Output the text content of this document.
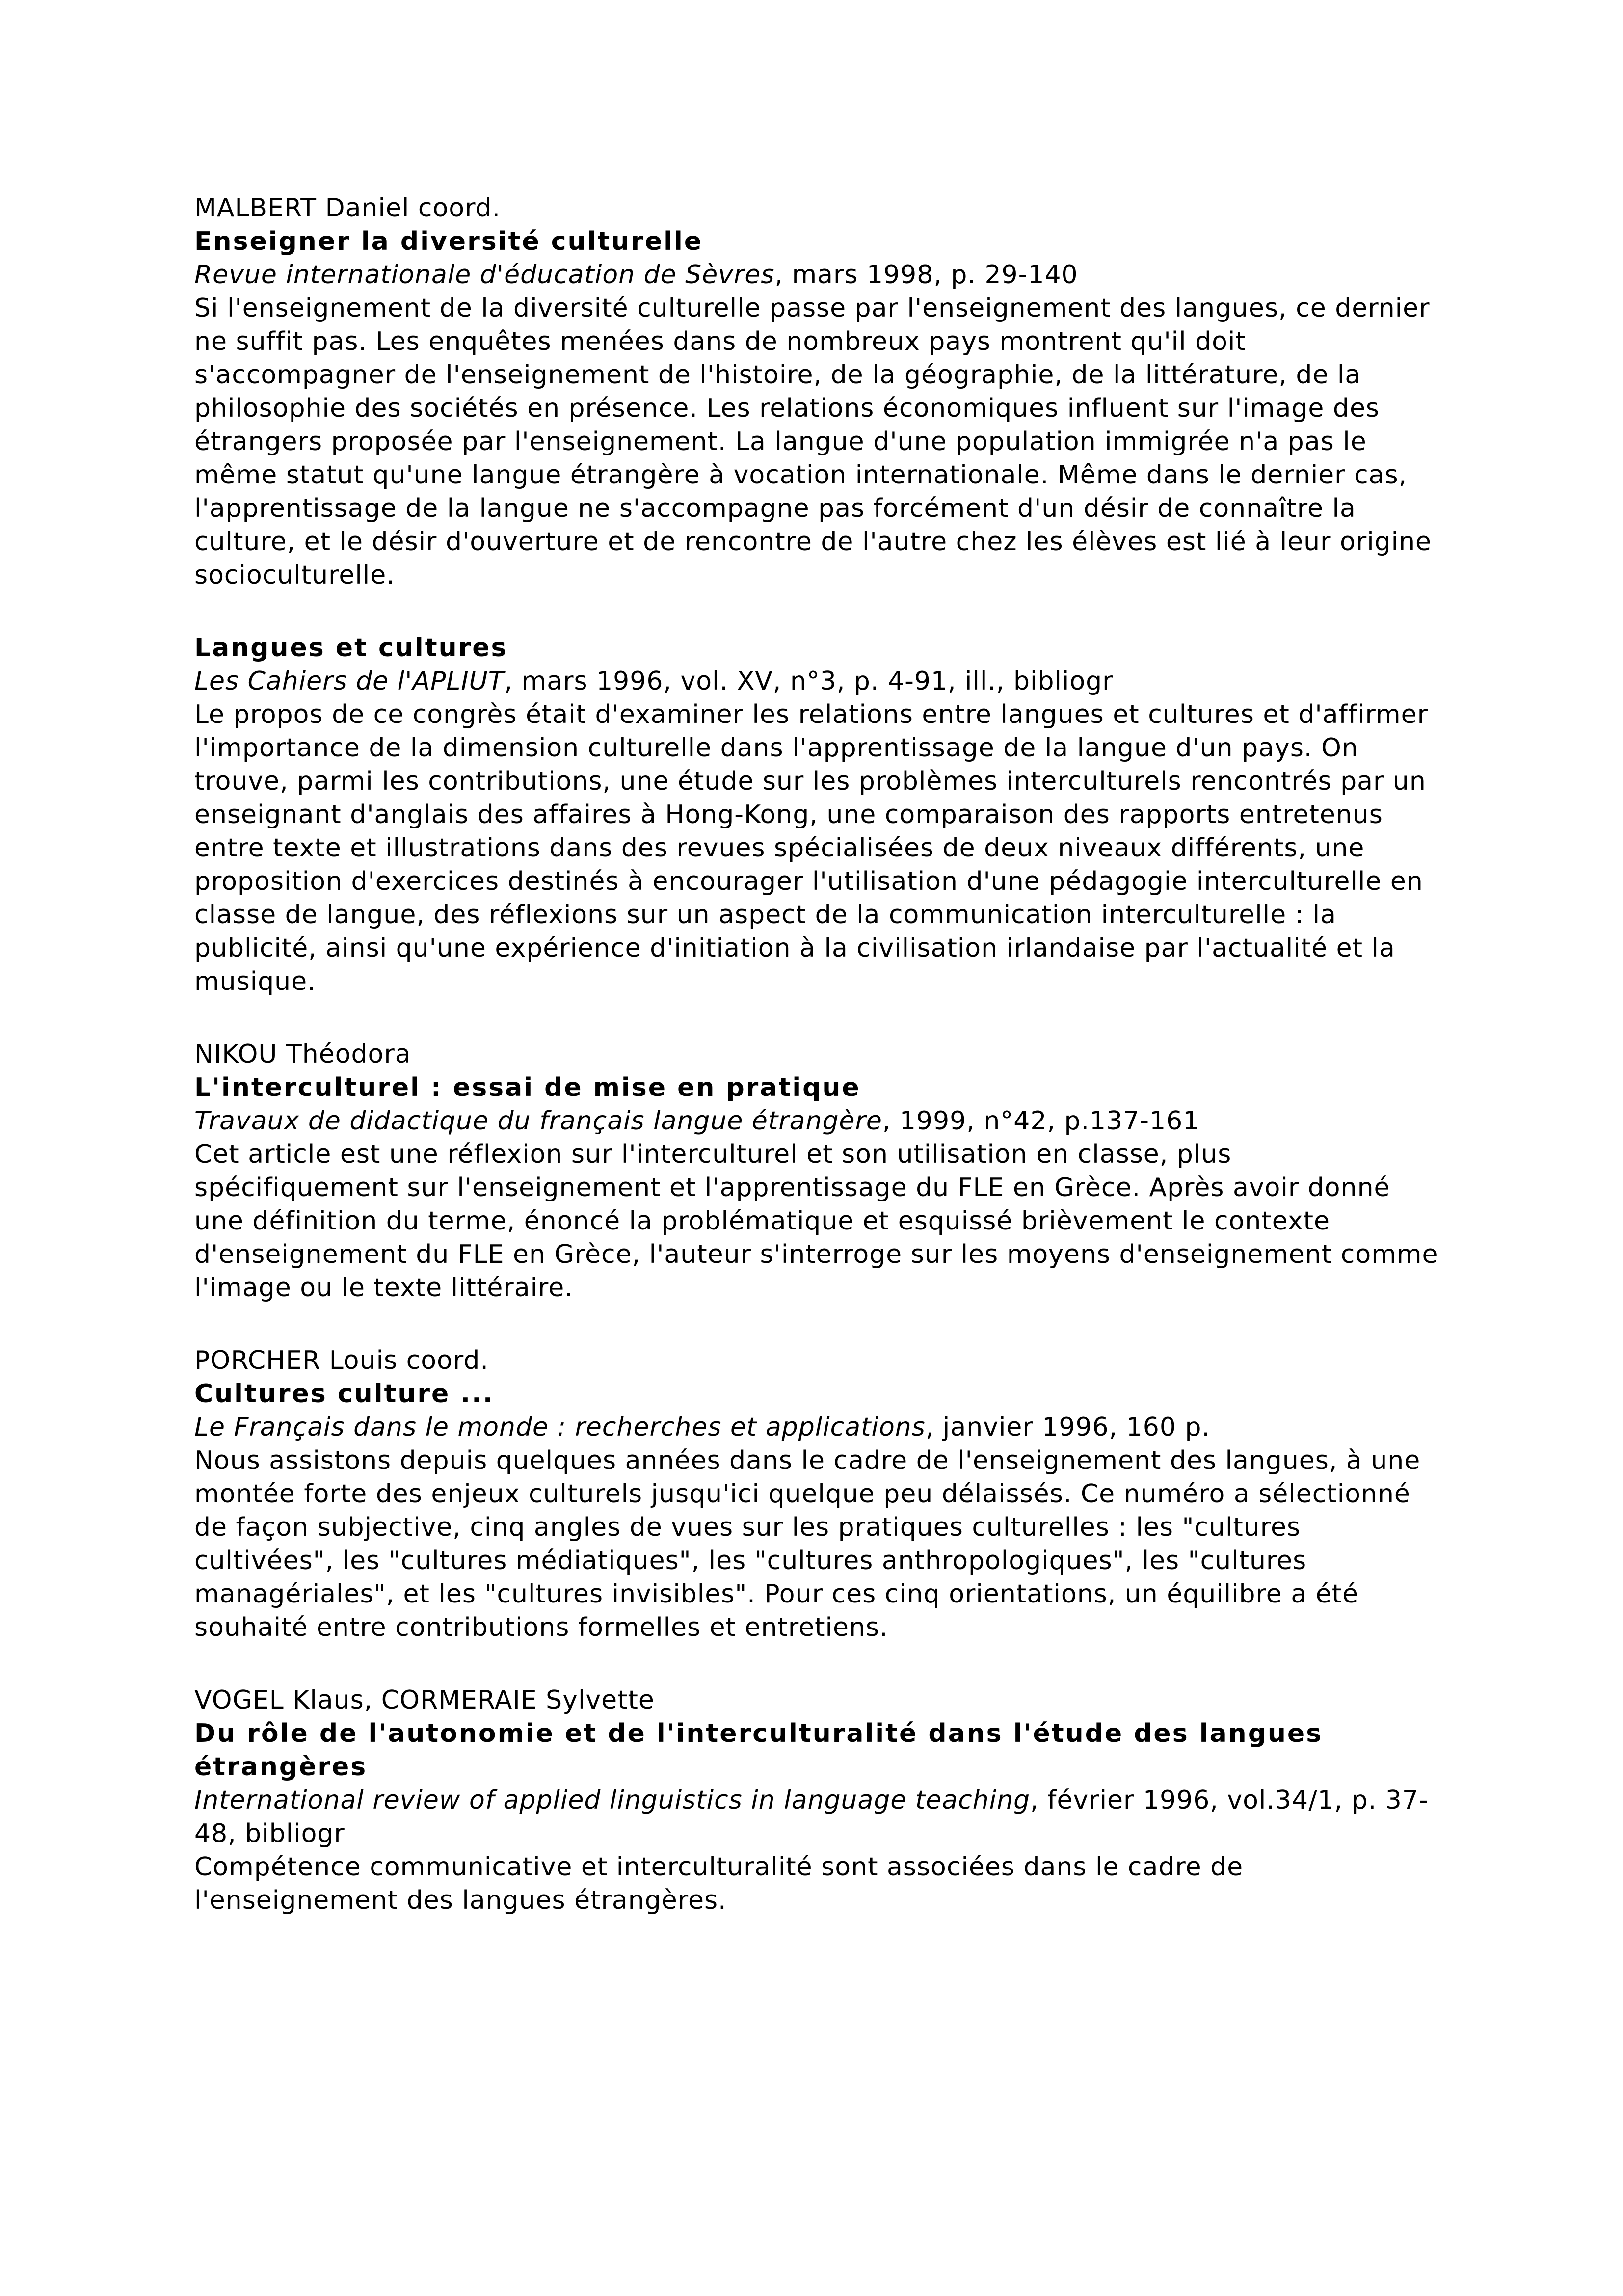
MALBERT Daniel coord.

Enseigner la diversité culturelle

Revue internationale d'éducation de Sèvres, mars 1998, p. 29-140

Si l'enseignement de la diversité culturelle passe par l'enseignement des langues, ce dernier ne suffit pas. Les enquêtes menées dans de nombreux pays montrent qu'il doit s'accompagner de l'enseignement de l'histoire, de la géographie, de la littérature, de la philosophie des sociétés en présence. Les relations économiques influent sur l'image des étrangers proposée par l'enseignement. La langue d'une population immigrée n'a pas le même statut qu'une langue étrangère à vocation internationale. Même dans le dernier cas, l'apprentissage de la langue ne s'accompagne pas forcément d'un désir de connaître la culture, et le désir d'ouverture et de rencontre de l'autre chez les élèves est lié à leur origine socioculturelle.

Langues et cultures

Les Cahiers de l'APLIUT, mars 1996, vol. XV, n°3, p. 4-91, ill., bibliogr

Le propos de ce congrès était d'examiner les relations entre langues et cultures et d'affirmer l'importance de la dimension culturelle dans l'apprentissage de la langue d'un pays. On trouve, parmi les contributions, une étude sur les problèmes interculturels rencontrés par un enseignant d'anglais des affaires à Hong-Kong, une comparaison des rapports entretenus entre texte et illustrations dans des revues spécialisées de deux niveaux différents, une proposition d'exercices destinés à encourager l'utilisation d'une pédagogie interculturelle en classe de langue, des réflexions sur un aspect de la communication interculturelle : la publicité, ainsi qu'une expérience d'initiation à la civilisation irlandaise par l'actualité et la musique.

NIKOU Théodora

L'interculturel : essai de mise en pratique

Travaux de didactique du français langue étrangère, 1999, n°42, p.137-161

Cet article est une réflexion sur l'interculturel et son utilisation en classe, plus spécifiquement sur l'enseignement et l'apprentissage du FLE en Grèce. Après avoir donné une définition du terme, énoncé la problématique et esquissé brièvement le contexte d'enseignement du FLE en Grèce, l'auteur s'interroge sur les moyens d'enseignement comme l'image ou le texte littéraire.

PORCHER Louis coord.

Cultures culture ...

Le Français dans le monde : recherches et applications, janvier 1996, 160 p.

Nous assistons depuis quelques années dans le cadre de l'enseignement des langues, à une montée forte des enjeux culturels jusqu'ici quelque peu délaissés. Ce numéro a sélectionné de façon subjective, cinq angles de vues sur les pratiques culturelles : les "cultures cultivées", les "cultures médiatiques", les "cultures anthropologiques", les "cultures managériales", et les "cultures invisibles". Pour ces cinq orientations, un équilibre a été souhaité entre contributions formelles et entretiens.

VOGEL Klaus, CORMERAIE Sylvette

Du rôle de l'autonomie et de l'interculturalité dans l'étude des langues étrangères

International review of applied linguistics in language teaching, février 1996, vol.34/1, p. 37-48, bibliogr

Compétence communicative et interculturalité sont associées dans le cadre de l'enseignement des langues étrangères.
